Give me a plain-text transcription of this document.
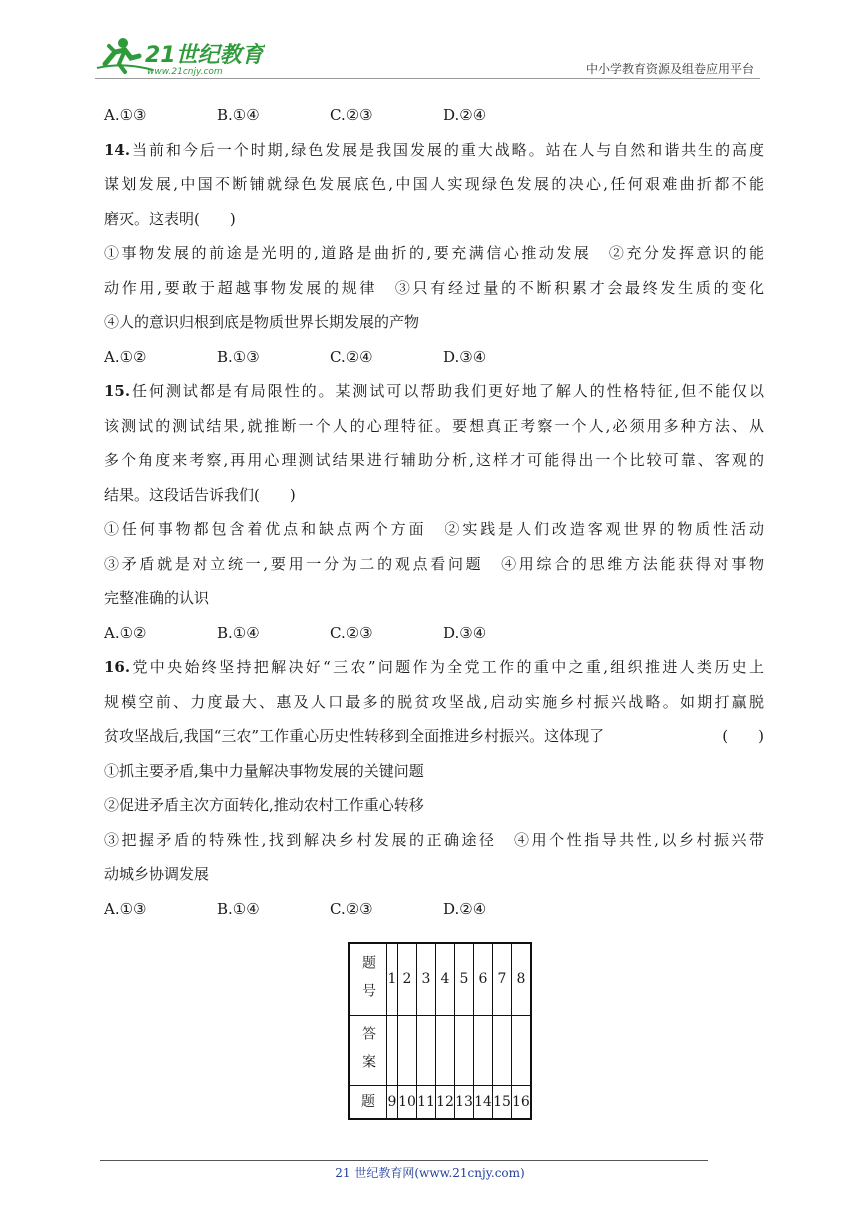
21世纪教育
www.21cnjy.com	中小学教育资源及组卷应用平台
A.①③	B.①④	C.②③	D.②④
14.当前和今后一个时期,绿色发展是我国发展的重大战略。站在人与自然和谐共生的高度
谋划发展,中国不断铺就绿色发展底色,中国人实现绿色发展的决心,任何艰难曲折都不能
磨灭。这表明(　　)
①事物发展的前途是光明的,道路是曲折的,要充满信心推动发展　②充分发挥意识的能
动作用,要敢于超越事物发展的规律　③只有经过量的不断积累才会最终发生质的变化
④人的意识归根到底是物质世界长期发展的产物
A.①②	B.①③	C.②④	D.③④
15.任何测试都是有局限性的。某测试可以帮助我们更好地了解人的性格特征,但不能仅以
该测试的测试结果,就推断一个人的心理特征。要想真正考察一个人,必须用多种方法、从
多个角度来考察,再用心理测试结果进行辅助分析,这样才可能得出一个比较可靠、客观的
结果。这段话告诉我们(　　)
①任何事物都包含着优点和缺点两个方面　②实践是人们改造客观世界的物质性活动
③矛盾就是对立统一,要用一分为二的观点看问题　④用综合的思维方法能获得对事物
完整准确的认识
A.①②	B.①④	C.②③	D.③④
16.党中央始终坚持把解决好“三农”问题作为全党工作的重中之重,组织推进人类历史上
规模空前、力度最大、惠及人口最多的脱贫攻坚战,启动实施乡村振兴战略。如期打赢脱
贫攻坚战后,我国“三农”工作重心历史性转移到全面推进乡村振兴。这体现了	(　　)
①抓主要矛盾,集中力量解决事物发展的关键问题
②促进矛盾主次方面转化,推动农村工作重心转移
③把握矛盾的特殊性,找到解决乡村发展的正确途径　④用个性指导共性,以乡村振兴带
动城乡协调发展
A.①③	B.①④	C.②③	D.②④
题号	1	2	3	4	5	6	7	8
答案								
题	9	10	11	12	13	14	15	16
21 世纪教育网(www.21cnjy.com)
